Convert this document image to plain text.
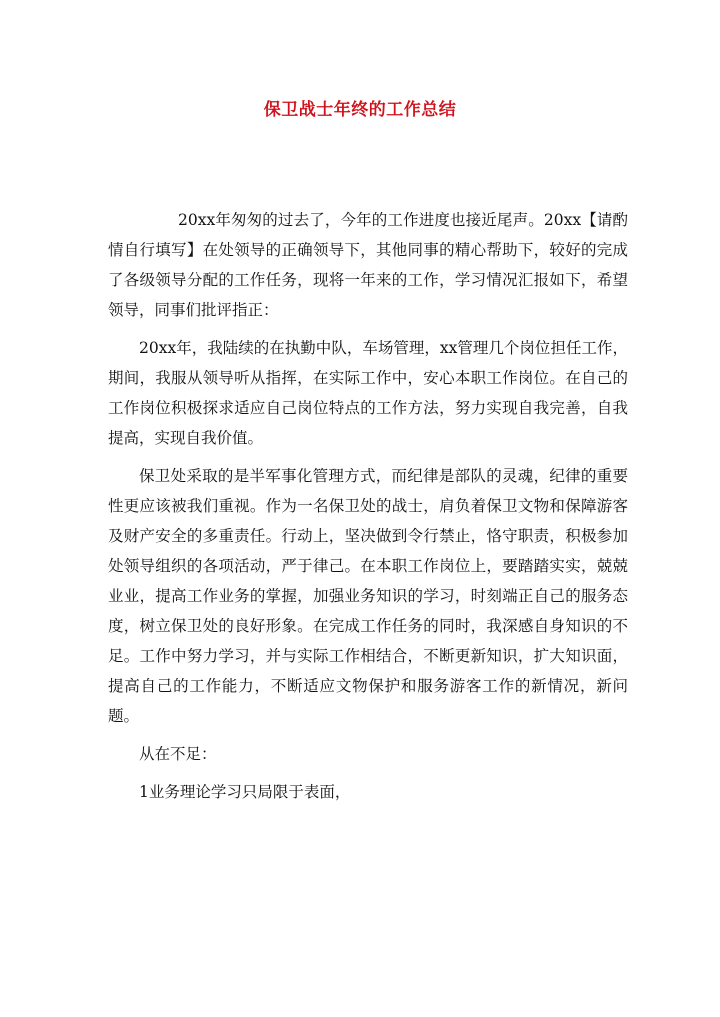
保卫战士年终的工作总结

20xx年匆匆的过去了，今年的工作进度也接近尾声。20xx【请酌情自行填写】在处领导的正确领导下，其他同事的精心帮助下，较好的完成了各级领导分配的工作任务，现将一年来的工作，学习情况汇报如下，希望领导，同事们批评指正：

20xx年，我陆续的在执勤中队，车场管理，xx管理几个岗位担任工作，期间，我服从领导听从指挥，在实际工作中，安心本职工作岗位。在自己的工作岗位积极探求适应自己岗位特点的工作方法，努力实现自我完善，自我提高，实现自我价值。

保卫处采取的是半军事化管理方式，而纪律是部队的灵魂，纪律的重要性更应该被我们重视。作为一名保卫处的战士，肩负着保卫文物和保障游客及财产安全的多重责任。行动上，坚决做到令行禁止，恪守职责，积极参加处领导组织的各项活动，严于律己。在本职工作岗位上，要踏踏实实，兢兢业业，提高工作业务的掌握，加强业务知识的学习，时刻端正自己的服务态度，树立保卫处的良好形象。在完成工作任务的同时，我深感自身知识的不足。工作中努力学习，并与实际工作相结合，不断更新知识，扩大知识面，提高自己的工作能力，不断适应文物保护和服务游客工作的新情况，新问题。

从在不足：

1业务理论学习只局限于表面，
